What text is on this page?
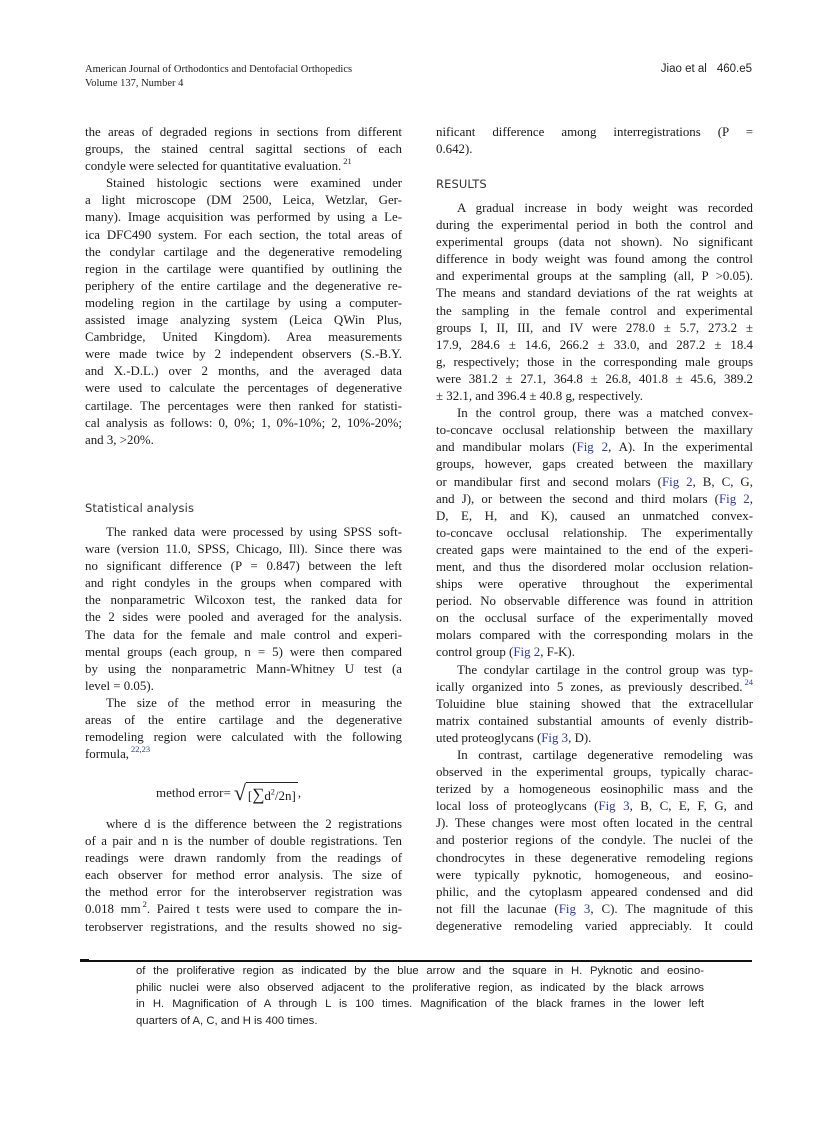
American Journal of Orthodontics and Dentofacial Orthopedics
Volume 137, Number 4
Jiao et al 460.e5
the areas of degraded regions in sections from different
groups, the stained central sagittal sections of each
condyle were selected for quantitative evaluation. $^{21}$
Stained histologic sections were examined under
a light microscope (DM 2500, Leica, Wetzlar, Ger-
many). Image acquisition was performed by using a Le-
ica DFC490 system. For each section, the total areas of
the condylar cartilage and the degenerative remodeling
region in the cartilage were quantified by outlining the
periphery of the entire cartilage and the degenerative re-
modeling region in the cartilage by using a computer-
assisted image analyzing system (Leica QWin Plus,
Cambridge, United Kingdom). Area measurements
were made twice by 2 independent observers (S.-B.Y.
and X.-D.L.) over 2 months, and the averaged data
were used to calculate the percentages of degenerative
cartilage. The percentages were then ranked for statisti-
cal analysis as follows: 0, 0%; 1, 0%-10%; 2, 10%-20%;
and 3, >20%.
Statistical analysis
The ranked data were processed by using SPSS soft-
ware (version 11.0, SPSS, Chicago, Ill). Since there was
no significant difference (P = 0.847) between the left
and right condyles in the groups when compared with
the nonparametric Wilcoxon test, the ranked data for
the 2 sides were pooled and averaged for the analysis.
The data for the female and male control and experi-
mental groups (each group, n = 5) were then compared
by using the nonparametric Mann-Whitney U test (a
level = 0.05).
The size of the method error in measuring the
areas of the entire cartilage and the degenerative
remodeling region were calculated with the following
formula, $^{22,23}$
method error= √ $[\sum d^2/2n]$ ,
where d is the difference between the 2 registrations
of a pair and n is the number of double registrations. Ten
readings were drawn randomly from the readings of
each observer for method error analysis. The size of
the method error for the interobserver registration was
0.018 mm $^2$. Paired t tests were used to compare the in-
terobserver registrations, and the results showed no sig-
nificant difference among interregistrations (P =
0.642).
RESULTS
A gradual increase in body weight was recorded
during the experimental period in both the control and
experimental groups (data not shown). No significant
difference in body weight was found among the control
and experimental groups at the sampling (all, P >0.05).
The means and standard deviations of the rat weights at
the sampling in the female control and experimental
groups I, II, III, and IV were 278.0 ± 5.7, 273.2 ±
17.9, 284.6 ± 14.6, 266.2 ± 33.0, and 287.2 ± 18.4
g, respectively; those in the corresponding male groups
were 381.2 ± 27.1, 364.8 ± 26.8, 401.8 ± 45.6, 389.2
± 32.1, and 396.4 ± 40.8 g, respectively.
In the control group, there was a matched convex-
to-concave occlusal relationship between the maxillary
and mandibular molars (Fig 2, A). In the experimental
groups, however, gaps created between the maxillary
or mandibular first and second molars (Fig 2, B, C, G,
and J), or between the second and third molars (Fig 2,
D, E, H, and K), caused an unmatched convex-
to-concave occlusal relationship. The experimentally
created gaps were maintained to the end of the experi-
ment, and thus the disordered molar occlusion relation-
ships were operative throughout the experimental
period. No observable difference was found in attrition
on the occlusal surface of the experimentally moved
molars compared with the corresponding molars in the
control group (Fig 2, F-K).
The condylar cartilage in the control group was typ-
ically organized into 5 zones, as previously described. $^{24}$
Toluidine blue staining showed that the extracellular
matrix contained substantial amounts of evenly distrib-
uted proteoglycans (Fig 3, D).
In contrast, cartilage degenerative remodeling was
observed in the experimental groups, typically charac-
terized by a homogeneous eosinophilic mass and the
local loss of proteoglycans (Fig 3, B, C, E, F, G, and
J). These changes were most often located in the central
and posterior regions of the condyle. The nuclei of the
chondrocytes in these degenerative remodeling regions
were typically pyknotic, homogeneous, and eosino-
philic, and the cytoplasm appeared condensed and did
not fill the lacunae (Fig 3, C). The magnitude of this
degenerative remodeling varied appreciably. It could
of the proliferative region as indicated by the blue arrow and the square in H. Pyknotic and eosino-
philic nuclei were also observed adjacent to the proliferative region, as indicated by the black arrows
in H. Magnification of A through L is 100 times. Magnification of the black frames in the lower left
quarters of A, C, and H is 400 times.
